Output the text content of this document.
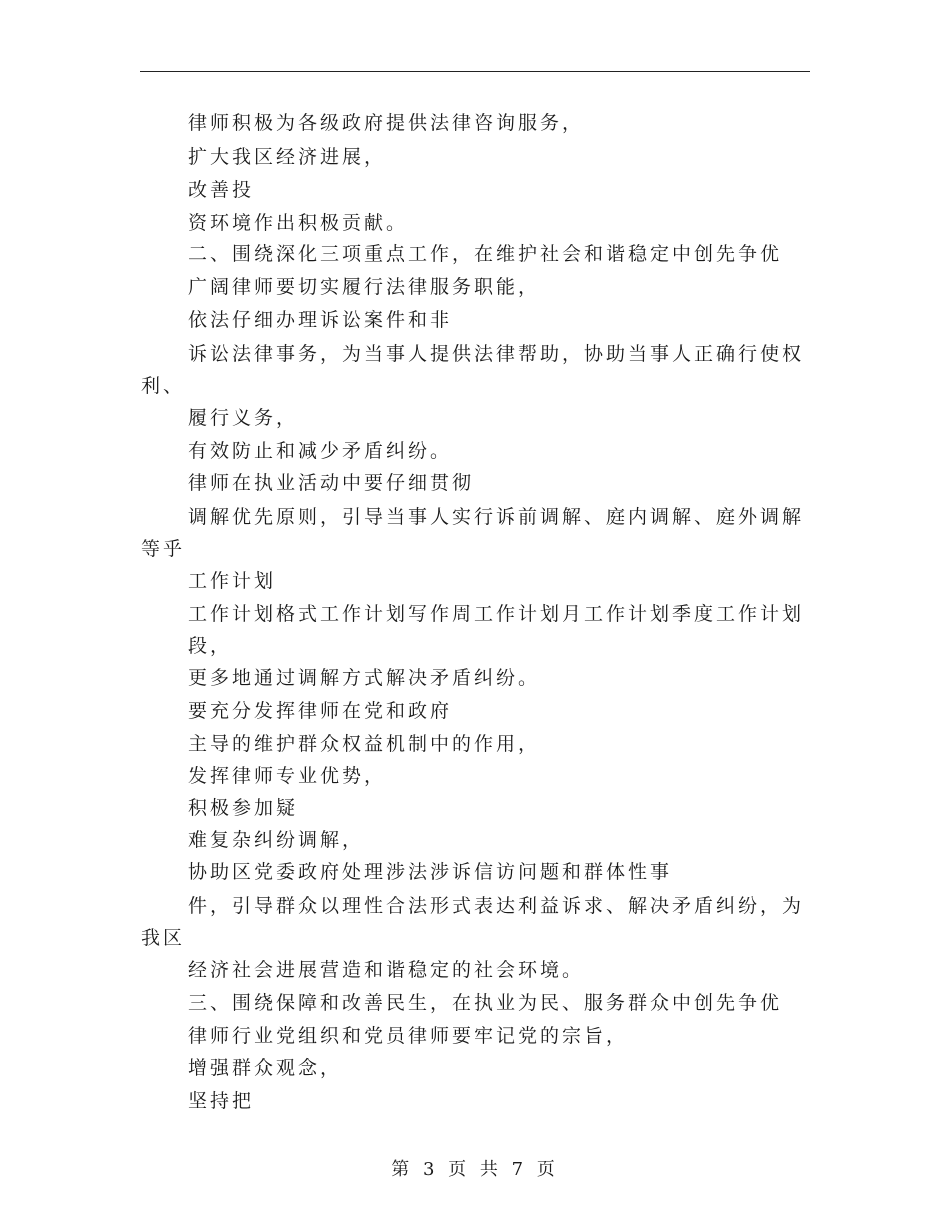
律师积极为各级政府提供法律咨询服务，
扩大我区经济进展，
改善投
资环境作出积极贡献。
二、围绕深化三项重点工作，在维护社会和谐稳定中创先争优
广阔律师要切实履行法律服务职能，
依法仔细办理诉讼案件和非
诉讼法律事务，为当事人提供法律帮助，协助当事人正确行使权
利、
履行义务，
有效防止和减少矛盾纠纷。
律师在执业活动中要仔细贯彻
调解优先原则，引导当事人实行诉前调解、庭内调解、庭外调解
等乎
工作计划
工作计划格式工作计划写作周工作计划月工作计划季度工作计划
段，
更多地通过调解方式解决矛盾纠纷。
要充分发挥律师在党和政府
主导的维护群众权益机制中的作用，
发挥律师专业优势，
积极参加疑
难复杂纠纷调解，
协助区党委政府处理涉法涉诉信访问题和群体性事
件，引导群众以理性合法形式表达利益诉求、解决矛盾纠纷，为
我区
经济社会进展营造和谐稳定的社会环境。
三、围绕保障和改善民生，在执业为民、服务群众中创先争优
律师行业党组织和党员律师要牢记党的宗旨，
增强群众观念，
坚持把
第 3 页 共 7 页
